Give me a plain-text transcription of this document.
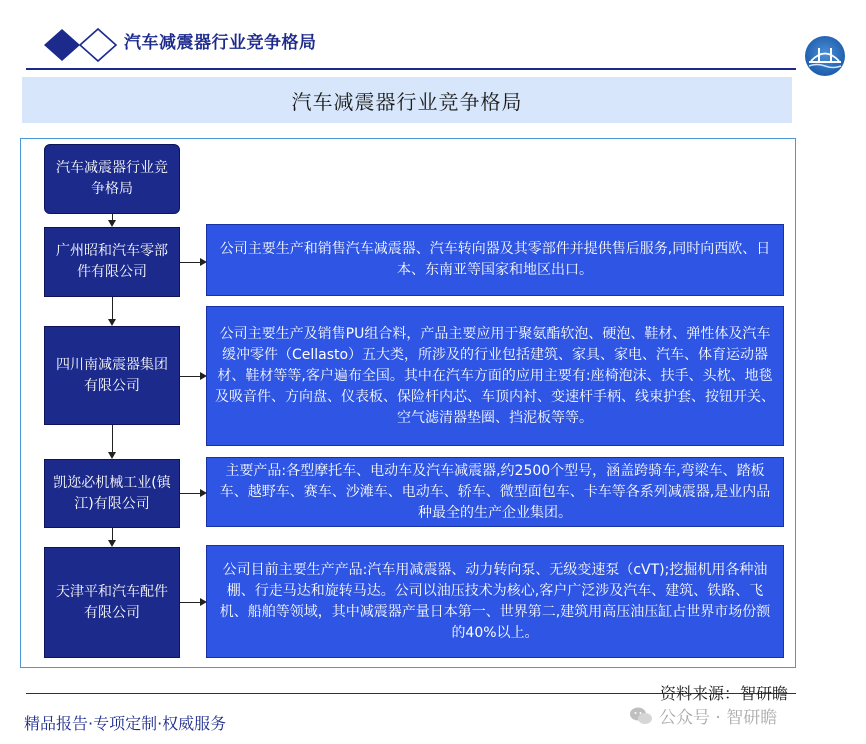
汽车减震器行业竞争格局
汽车减震器行业竞争格局
汽车减震器行业竞争格局
广州昭和汽车零部件有限公司
四川南减震器集团有限公司
凯迩必机械工业(镇江)有限公司
天津平和汽车配件有限公司
公司主要生产和销售汽车减震器、汽车转向器及其零部件并提供售后服务,同时向西欧、日本、东南亚等国家和地区出口。
公司主要生产及销售PU组合料，产品主要应用于聚氨酯软泡、硬泡、鞋材、弹性体及汽车缓冲零件（Cellasto）五大类，所涉及的行业包括建筑、家具、家电、汽车、体育运动器材、鞋材等等,客户遍布全国。其中在汽车方面的应用主要有:座椅泡沫、扶手、头枕、地毯及吸音件、方向盘、仪表板、保险杆内芯、车顶内衬、变速杆手柄、线束护套、按钮开关、空气滤清器垫圈、挡泥板等等。
主要产品:各型摩托车、电动车及汽车减震器,约2500个型号，涵盖跨骑车,弯梁车、踏板车、越野车、赛车、沙滩车、电动车、轿车、微型面包车、卡车等各系列减震器,是业内品种最全的生产企业集团。
公司目前主要生产产品:汽车用减震器、动力转向泵、无级变速泵（cVT);挖掘机用各种油棚、行走马达和旋转马达。公司以油压技术为核心,客户广泛涉及汽车、建筑、铁路、飞机、船舶等领域，其中减震器产量日本第一、世界第二,建筑用高压油压缸占世界市场份额的40%以上。
资料来源：智研瞻
精品报告·专项定制·权威服务	公众号 · 智研瞻
